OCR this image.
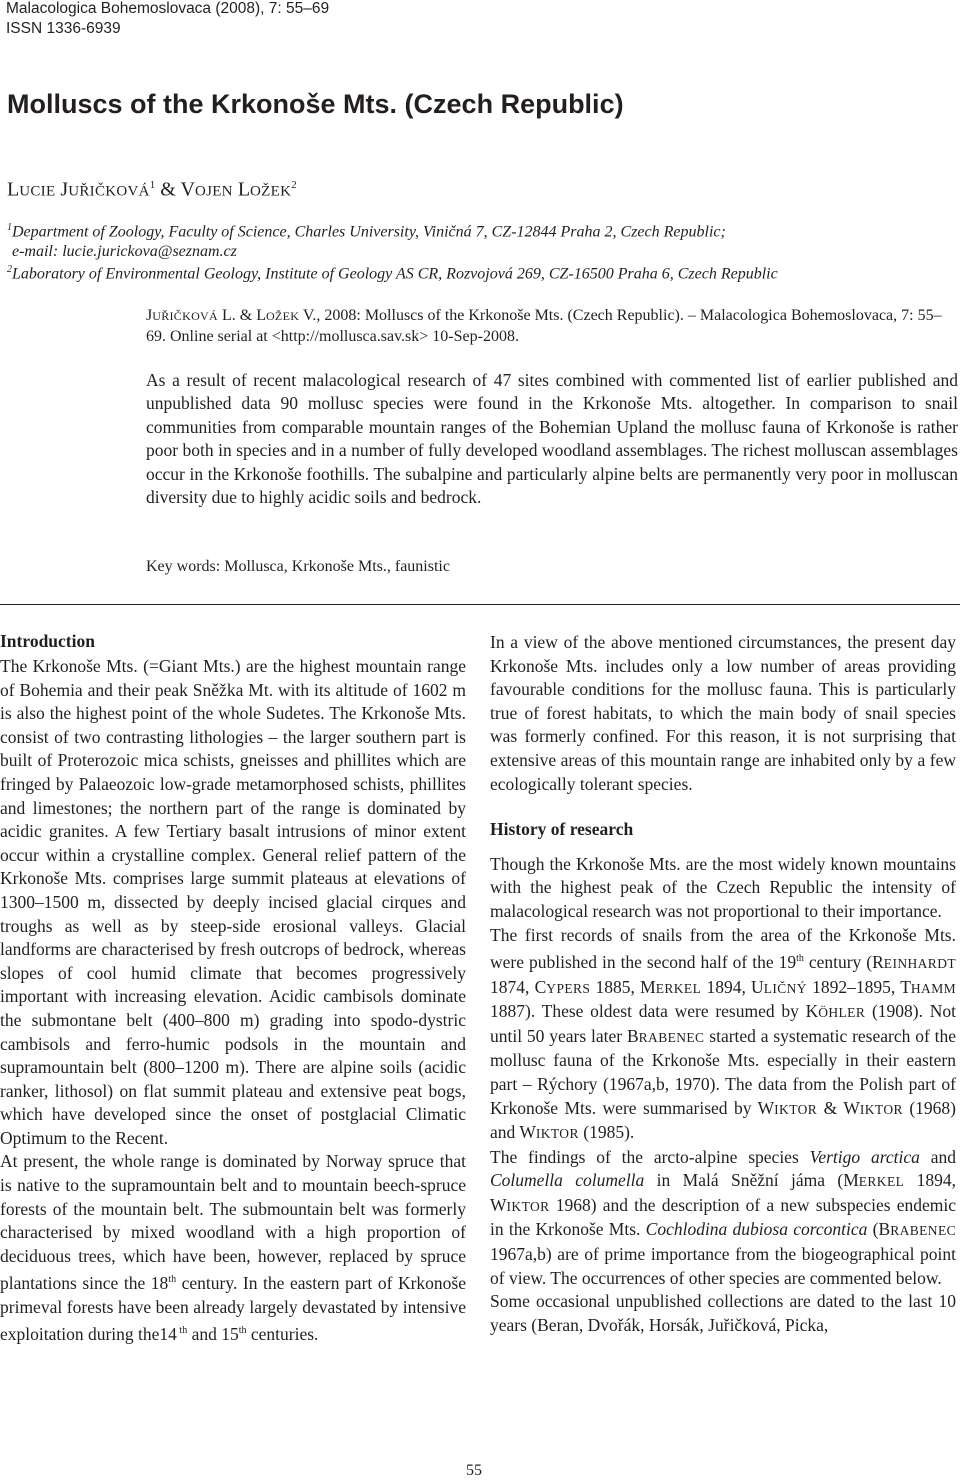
Malacologica Bohemoslovaca (2008), 7: 55–69
ISSN 1336-6939
Molluscs of the Krkonoše Mts. (Czech Republic)
LUCIE JUŘIČKOVÁ$^1$ & VOJEN LOŽEK$^2$
$^1$Department of Zoology, Faculty of Science, Charles University, Viničná 7, CZ-12844 Praha 2, Czech Republic;
e-mail: lucie.jurickova@seznam.cz
$^2$Laboratory of Environmental Geology, Institute of Geology AS CR, Rozvojová 269, CZ-16500 Praha 6, Czech Republic
JUŘIČKOVÁ L. & LOŽEK V., 2008: Molluscs of the Krkonoše Mts. (Czech Republic). – Malacologica Bohemoslovaca, 7: 55–69. Online serial at <http://mollusca.sav.sk> 10-Sep-2008.
As a result of recent malacological research of 47 sites combined with commented list of earlier published and unpublished data 90 mollusc species were found in the Krkonoše Mts. altogether. In comparison to snail communities from comparable mountain ranges of the Bohemian Upland the mollusc fauna of Krkonoše is rather poor both in species and in a number of fully developed woodland assemblages. The richest molluscan assemblages occur in the Krkonoše foothills. The subalpine and particularly alpine belts are permanently very poor in molluscan diversity due to highly acidic soils and bedrock.
Key words: Mollusca, Krkonoše Mts., faunistic
Introduction

The Krkonoše Mts. (=Giant Mts.) are the highest mountain range of Bohemia and their peak Sněžka Mt. with its altitude of 1602 m is also the highest point of the whole Sudetes. The Krkonoše Mts. consist of two contrasting lithologies – the larger southern part is built of Proterozoic mica schists, gneisses and phillites which are fringed by Palaeozoic low-grade metamorphosed schists, phillites and limestones; the northern part of the range is dominated by acidic granites. A few Tertiary basalt intrusions of minor extent occur within a crystalline complex. General relief pattern of the Krkonoše Mts. comprises large summit plateaus at elevations of 1300–1500 m, dissected by deeply incised glacial cirques and troughs as well as by steep-side erosional valleys. Glacial landforms are characterised by fresh outcrops of bedrock, whereas slopes of cool humid climate that becomes progressively important with increasing elevation. Acidic cambisols dominate the submontane belt (400–800 m) grading into spodo-dystric cambisols and ferro-humic podsols in the mountain and supramountain belt (800–1200 m). There are alpine soils (acidic ranker, lithosol) on flat summit plateau and extensive peat bogs, which have developed since the onset of postglacial Climatic Optimum to the Recent.

At present, the whole range is dominated by Norway spruce that is native to the supramountain belt and to mountain beech-spruce forests of the mountain belt. The submountain belt was formerly characterised by mixed woodland with a high proportion of deciduous trees, which have been, however, replaced by spruce plantations since the 18th century. In the eastern part of Krkonoše primeval forests have been already largely devastated by intensive exploitation during the14 $^{th}$ and 15th centuries.

In a view of the above mentioned circumstances, the present day Krkonoše Mts. includes only a low number of areas providing favourable conditions for the mollusc fauna. This is particularly true of forest habitats, to which the main body of snail species was formerly confined. For this reason, it is not surprising that extensive areas of this mountain range are inhabited only by a few ecologically tolerant species.

History of research

Though the Krkonoše Mts. are the most widely known mountains with the highest peak of the Czech Republic the intensity of malacological research was not proportional to their importance.

The first records of snails from the area of the Krkonoše Mts. were published in the second half of the 19th century (REINHARDT 1874, CYPERS 1885, MERKEL 1894, ULIČNÝ 1892–1895, THAMM 1887). These oldest data were resumed by KÖHLER (1908). Not until 50 years later BRABENEC started a systematic research of the mollusc fauna of the Krkonoše Mts. especially in their eastern part – Rýchory (1967a,b, 1970). The data from the Polish part of Krkonoše Mts. were summarised by WIKTOR & WIKTOR (1968) and WIKTOR (1985).

The findings of the arcto-alpine species Vertigo arctica and Columella columella in Malá Sněžní jáma (MERKEL 1894, WIKTOR 1968) and the description of a new subspecies endemic in the Krkonoše Mts. Cochlodina dubiosa corcontica (BRABENEC 1967a,b) are of prime importance from the biogeographical point of view. The occurrences of other species are commented below.

Some occasional unpublished collections are dated to the last 10 years (Beran, Dvořák, Horsák, Juřičková, Picka,

55
